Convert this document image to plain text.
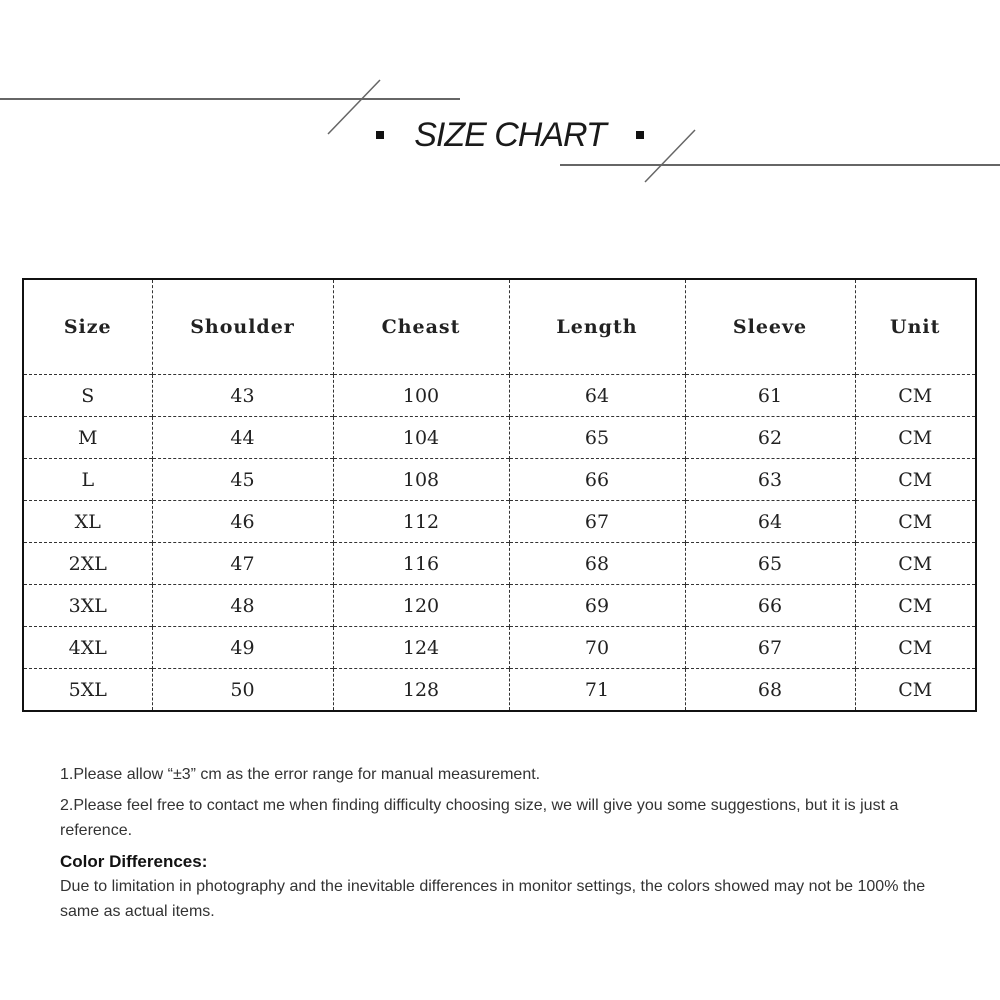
SIZE CHART
Size	Shoulder	Cheast	Length	Sleeve	Unit
S	43	100	64	61	CM
M	44	104	65	62	CM
L	45	108	66	63	CM
XL	46	112	67	64	CM
2XL	47	116	68	65	CM
3XL	48	120	69	66	CM
4XL	49	124	70	67	CM
5XL	50	128	71	68	CM

1.Please allow “±3” cm as the error range for manual measurement.

2.Please feel free to contact me when finding difficulty choosing size, we will give you some suggestions, but it is just a reference.

Color Differences:

Due to limitation in photography and the inevitable differences in monitor settings, the colors showed may not be 100% the same as actual items.
